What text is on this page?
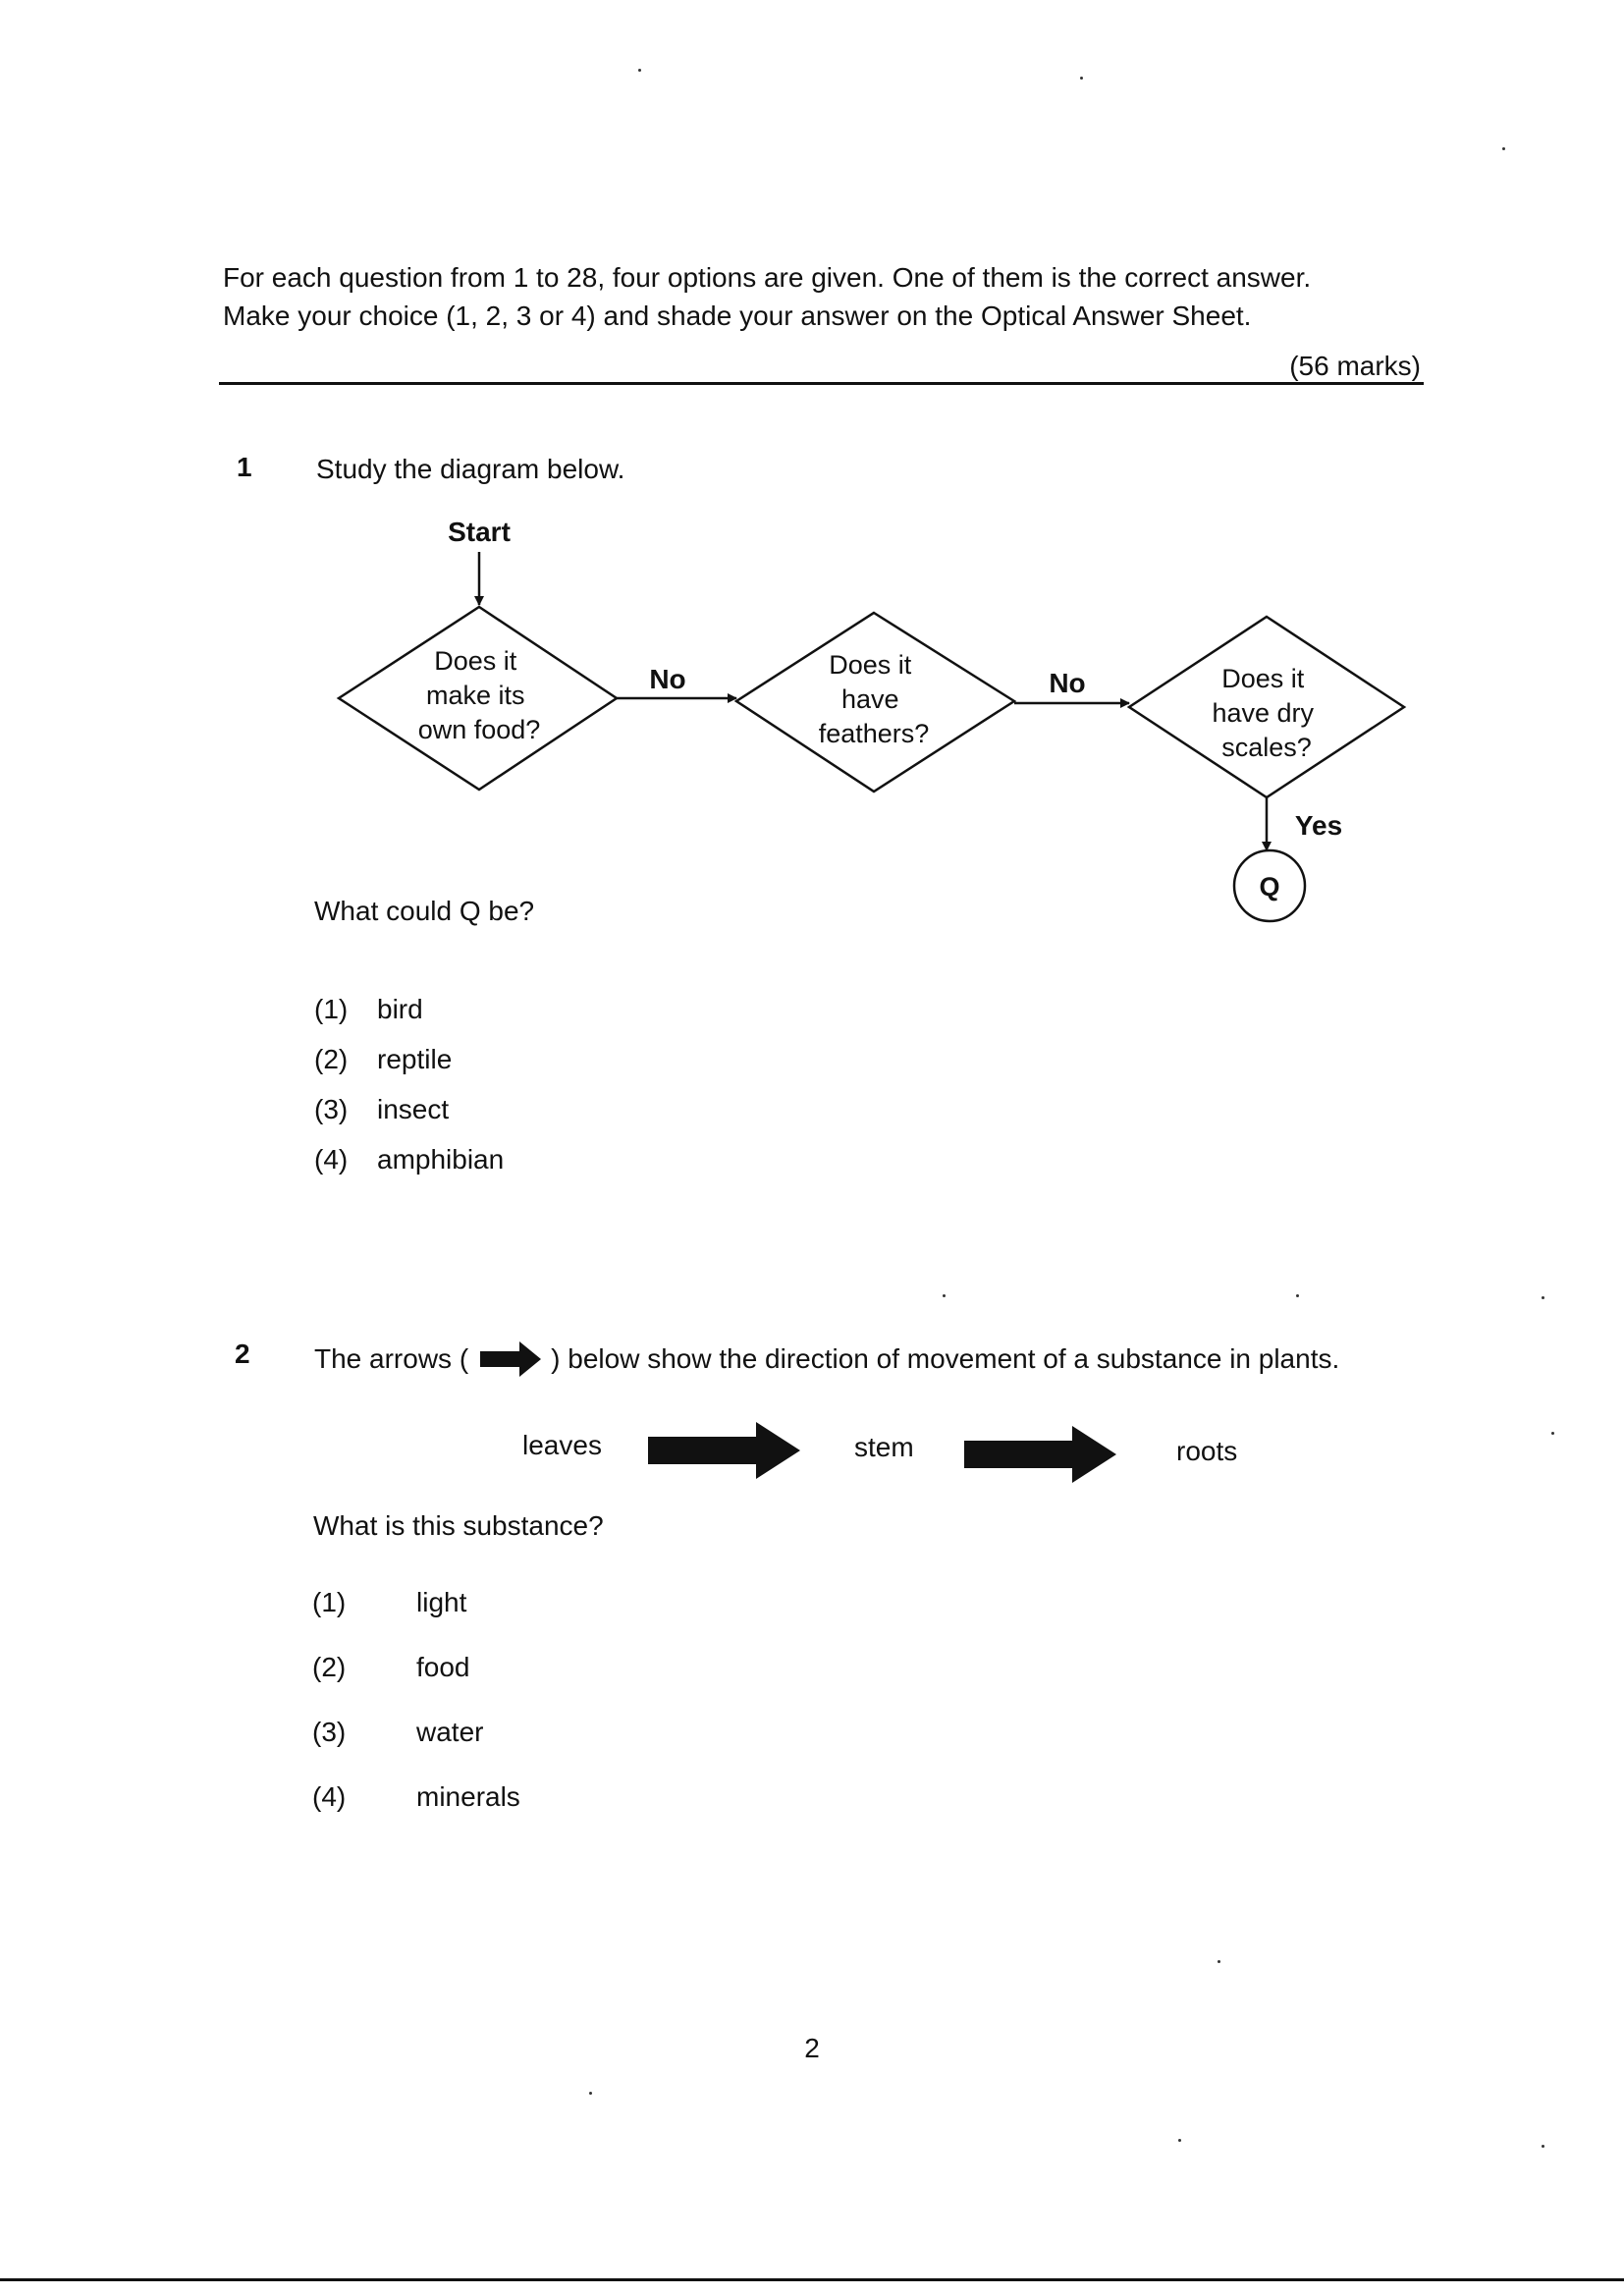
For each question from 1 to 28, four options are given. One of them is the correct answer.
Make your choice (1, 2, 3 or 4) and shade your answer on the Optical Answer Sheet.
(56 marks)
1 Study the diagram below.
Start
Does it make its own food?
No	Does it have feathers?
No	Does it have dry scales?
Yes
Q
What could Q be?
(1) bird
(2) reptile
(3) insect
(4) amphibian
2 The arrows (	) below show the direction of movement of a substance in plants.
leaves	stem	roots
What is this substance?
(1)	light
(2)	food
(3)	water
(4)	minerals
2
